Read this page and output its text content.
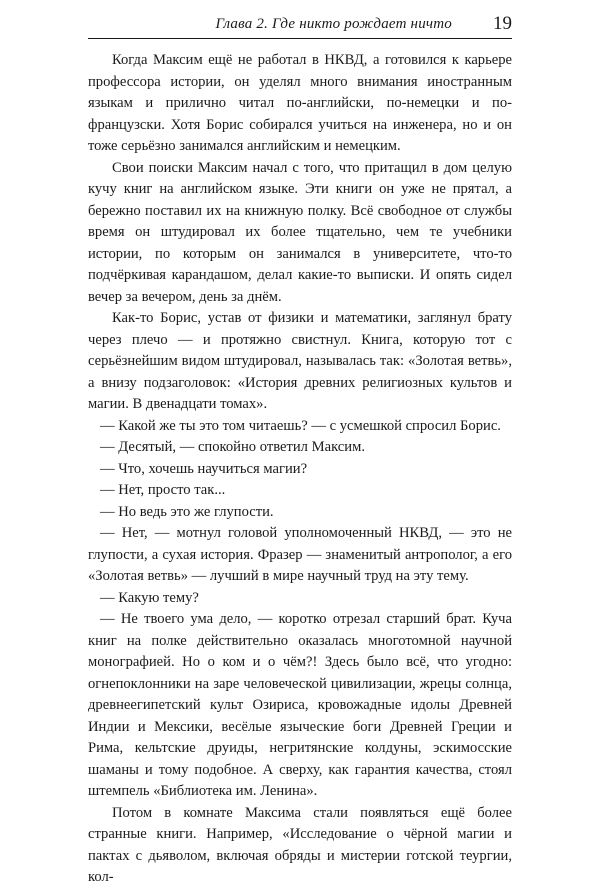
Глава 2. Где никто рождает ничто 19

Когда Максим ещё не работал в НКВД, а готовился к карьере профессора истории, он уделял много внимания иностранным языкам и прилично читал по-английски, по-немецки и по-французски. Хотя Борис собирался учиться на инженера, но и он тоже серьёзно занимался английским и немецким.

Свои поиски Максим начал с того, что притащил в дом целую кучу книг на английском языке. Эти книги он уже не прятал, а бережно поставил их на книжную полку. Всё свободное от службы время он штудировал их более тщательно, чем те учебники истории, по которым он занимался в университете, что-то подчёркивая карандашом, делал какие-то выписки. И опять сидел вечер за вечером, день за днём.

Как-то Борис, устав от физики и математики, заглянул брату через плечо — и протяжно свистнул. Книга, которую тот с серьёзнейшим видом штудировал, называлась так: «Золотая ветвь», а внизу подзаголовок: «История древних религиозных культов и магии. В двенадцати томах».

— Какой же ты это том читаешь? — с усмешкой спросил Борис.

— Десятый, — спокойно ответил Максим.

— Что, хочешь научиться магии?

— Нет, просто так...

— Но ведь это же глупости.

— Нет, — мотнул головой уполномоченный НКВД, — это не глупости, а сухая история. Фразер — знаменитый антрополог, а его «Золотая ветвь» — лучший в мире научный труд на эту тему.

— Какую тему?

— Не твоего ума дело, — коротко отрезал старший брат. Куча книг на полке действительно оказалась многотомной научной монографией. Но о ком и о чём?! Здесь было всё, что угодно: огнепоклонники на заре человеческой цивилизации, жрецы солнца, древнеегипетский культ Озириса, кровожадные идолы Древней Индии и Мексики, весёлые языческие боги Древней Греции и Рима, кельтские друиды, негритянские колдуны, эскимосские шаманы и тому подобное. А сверху, как гарантия качества, стоял штемпель «Библиотека им. Ленина».

Потом в комнате Максима стали появляться ещё более странные книги. Например, «Исследование о чёрной магии и пактах с дьяволом, включая обряды и мистерии готской теургии, кол-
